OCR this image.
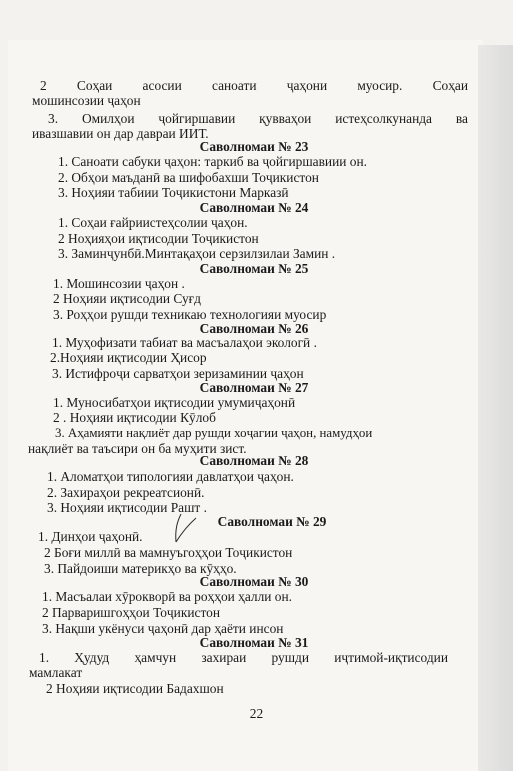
2 Соҳаи асосии саноати ҷаҳони муосир. Соҳаи
мошинсозии ҷаҳон
3. Омилҳои ҷойгиршавии қувваҳои истеҳсолкунанда ва
ивазшавии он дар давраи ИИТ.
Саволномаи № 23
1. Саноати сабуки ҷаҳон: таркиб ва ҷойгиршавиии он.
2. Обҳои маъданӣ ва шифобахши Тоҷикистон
3. Ноҳияи табиии Тоҷикистони Марказӣ
Саволномаи № 24
1. Соҳаи ғайриистеҳсолии ҷаҳон.
2 Ноҳияҳои иқтисодии Тоҷикистон
3. Заминҷунбӣ.Минтақаҳои серзилзилаи Замин .
Саволномаи № 25
1. Мошинсозии ҷаҳон .
2 Ноҳияи иқтисодии Суғд
3. Роҳҳои рушди техникаю технологияи муосир
Саволномаи № 26
1. Муҳофизати табиат ва масъалаҳои экологӣ .
2.Ноҳияи иқтисодии Ҳисор
3. Истифроҷи сарватҳои зеризаминии ҷаҳон
Саволномаи № 27
1. Муносибатҳои иқтисодии умумиҷаҳонӣ
2 . Ноҳияи иқтисодии Кӯлоб
3. Аҳамияти нақлиёт дар рушди хоҷагии ҷаҳон, намудҳои
нақлиёт ва таъсири он ба муҳити зист.
Саволномаи № 28
1. Аломатҳои типологияи давлатҳои ҷаҳон.
2. Захираҳои рекреатсионӣ.
3. Ноҳияи иқтисодии Рашт .
Саволномаи № 29
1. Динҳои ҷаҳонӣ.
2 Боғи миллӣ ва мамнуъгоҳҳои Тоҷикистон
3. Пайдоиши материкҳо ва кӯҳҳо.
Саволномаи № 30
1. Масъалаи хӯрокворӣ ва роҳҳои ҳалли он.
2 Парваришгоҳҳои Тоҷикистон
3. Нақши укёнуси ҷаҳонӣ дар ҳаёти инсон
Саволномаи № 31
1. Ҳудуд ҳамчун захираи рушди иҷтимой-иқтисодии
мамлакат
2 Ноҳияи иқтисодии Бадахшон
22
